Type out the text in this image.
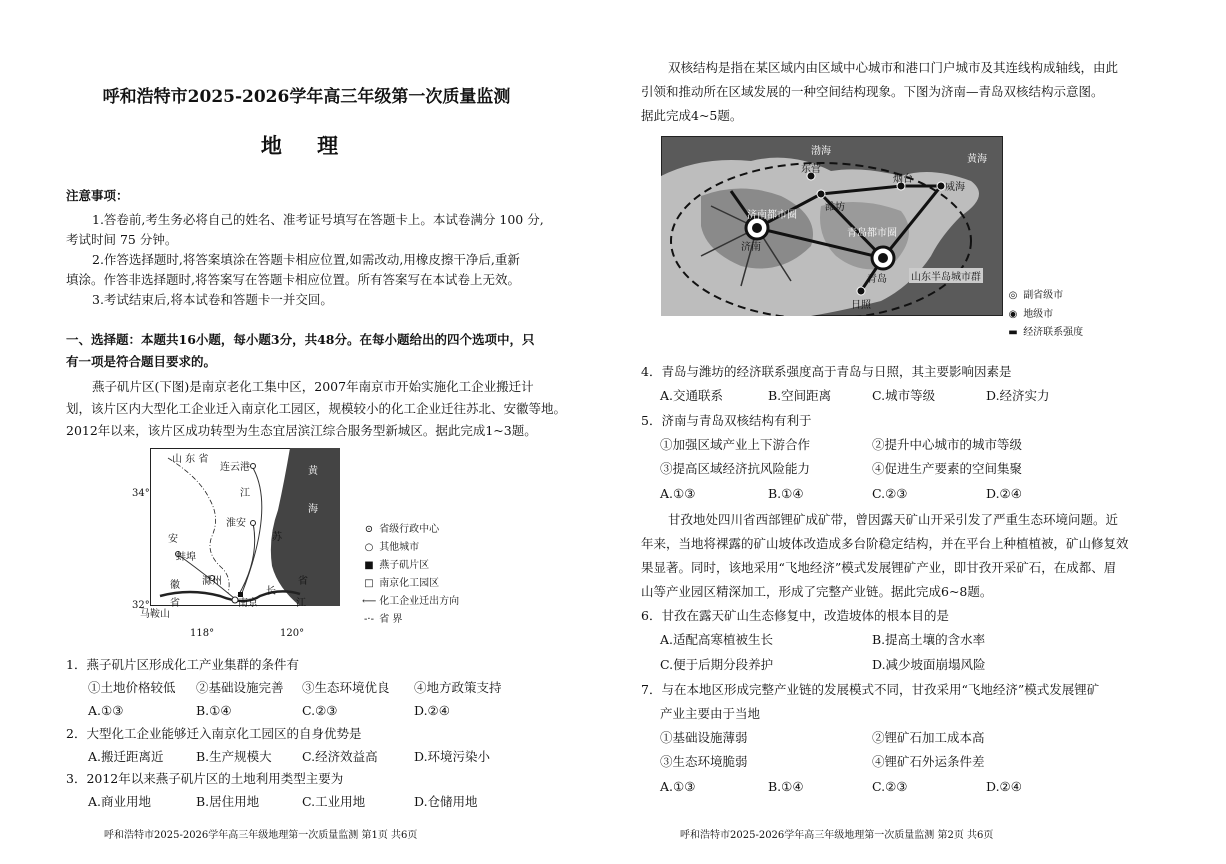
呼和浩特市2025-2026学年高三年级第一次质量监测
地 理
注意事项：
1.答卷前,考生务必将自己的姓名、准考证号填写在答题卡上。本试卷满分 100 分,
考试时间 75 分钟。
2.作答选择题时,将答案填涂在答题卡相应位置,如需改动,用橡皮擦干净后,重新
填涂。作答非选择题时,将答案写在答题卡相应位置。所有答案写在本试卷上无效。
3.考试结束后,将本试卷和答题卡一并交回。
一、选择题：本题共16小题，每小题3分，共48分。在每小题给出的四个选项中，只
有一项是符合题目要求的。
燕子矶片区(下图)是南京老化工集中区，2007年南京市开始实施化工企业搬迁计
划，该片区内大型化工企业迁入南京化工园区，规模较小的化工企业迁往苏北、安徽等地。
2012年以来，该片区成功转型为生态宜居滨江综合服务型新城区。据此完成1~3题。
山 东 省
连云港	黄
海
江
苏
省
淮安
安
蚌埠
徽 滁州
省	南京
长
江
马鞍山
34°
32°
118°	120°
⊙ 省级行政中心
○ 其他城市
■ 燕子矶片区
□ 南京化工园区
⟵ 化工企业迁出方向
-·- 省 界
1．燕子矶片区形成化工产业集群的条件有
①土地价格较低 ②基础设施完善 ③生态环境优良 ④地方政策支持
A.①③	B.①④	C.②③	D.②④
2．大型化工企业能够迁入南京化工园区的自身优势是
A.搬迁距离近	B.生产规模大 C.经济效益高	D.环境污染小
3．2012年以来燕子矶片区的土地利用类型主要为
A.商业用地	B.居住用地	C.工业用地	D.仓储用地
呼和浩特市2025-2026学年高三年级地理第一次质量监测 第1页 共6页
双核结构是指在某区域内由区域中心城市和港口门户城市及其连线构成轴线，由此
引领和推动所在区域发展的一种空间结构现象。下图为济南—青岛双核结构示意图。
据此完成4~5题。
渤海
黄海
济南都市圈
青岛都市圈
济南
青岛
潍坊
烟台
威海
东营
日照
山东半岛城市群
◎ 副省级市
◉ 地级市
▬ 经济联系强度
4．青岛与潍坊的经济联系强度高于青岛与日照，其主要影响因素是
A.交通联系	B.空间距离	C.城市等级	D.经济实力
5．济南与青岛双核结构有利于
①加强区域产业上下游合作	②提升中心城市的城市等级
③提高区域经济抗风险能力	④促进生产要素的空间集聚
A.①③	B.①④	C.②③	D.②④
甘孜地处四川省西部锂矿成矿带，曾因露天矿山开采引发了严重生态环境问题。近
年来，当地将裸露的矿山坡体改造成多台阶稳定结构，并在平台上种植植被，矿山修复效
果显著。同时，该地采用“飞地经济”模式发展锂矿产业，即甘孜开采矿石，在成都、眉
山等产业园区精深加工，形成了完整产业链。据此完成6~8题。
6．甘孜在露天矿山生态修复中，改造坡体的根本目的是
A.适配高寒植被生长	B.提高土壤的含水率
C.便于后期分段养护	D.减少坡面崩塌风险
7．与在本地区形成完整产业链的发展模式不同，甘孜采用“飞地经济”模式发展锂矿
产业主要由于当地
①基础设施薄弱	②锂矿石加工成本高
③生态环境脆弱	④锂矿石外运条件差
A.①③	B.①④	C.②③	D.②④
呼和浩特市2025-2026学年高三年级地理第一次质量监测 第2页 共6页
